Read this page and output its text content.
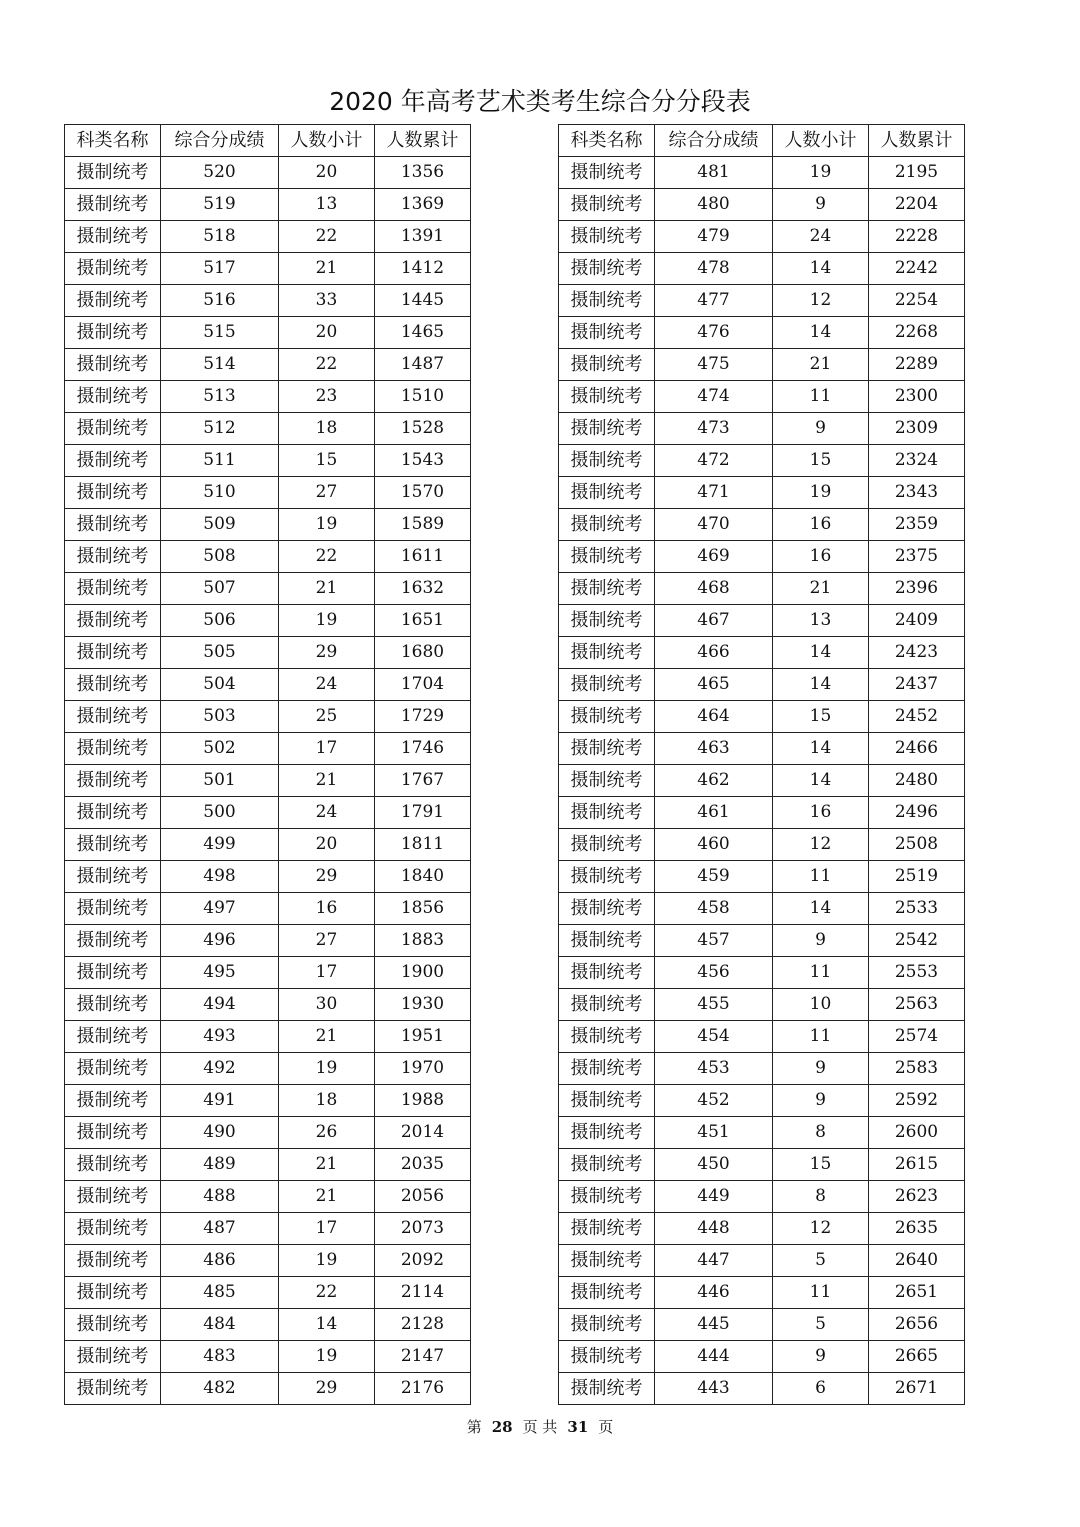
2020 年高考艺术类考生综合分分段表
科类名称	综合分成绩	人数小计	人数累计
摄制统考	520	20	1356
摄制统考	519	13	1369
摄制统考	518	22	1391
摄制统考	517	21	1412
摄制统考	516	33	1445
摄制统考	515	20	1465
摄制统考	514	22	1487
摄制统考	513	23	1510
摄制统考	512	18	1528
摄制统考	511	15	1543
摄制统考	510	27	1570
摄制统考	509	19	1589
摄制统考	508	22	1611
摄制统考	507	21	1632
摄制统考	506	19	1651
摄制统考	505	29	1680
摄制统考	504	24	1704
摄制统考	503	25	1729
摄制统考	502	17	1746
摄制统考	501	21	1767
摄制统考	500	24	1791
摄制统考	499	20	1811
摄制统考	498	29	1840
摄制统考	497	16	1856
摄制统考	496	27	1883
摄制统考	495	17	1900
摄制统考	494	30	1930
摄制统考	493	21	1951
摄制统考	492	19	1970
摄制统考	491	18	1988
摄制统考	490	26	2014
摄制统考	489	21	2035
摄制统考	488	21	2056
摄制统考	487	17	2073
摄制统考	486	19	2092
摄制统考	485	22	2114
摄制统考	484	14	2128
摄制统考	483	19	2147
摄制统考	482	29	2176
科类名称	综合分成绩	人数小计	人数累计
摄制统考	481	19	2195
摄制统考	480	9	2204
摄制统考	479	24	2228
摄制统考	478	14	2242
摄制统考	477	12	2254
摄制统考	476	14	2268
摄制统考	475	21	2289
摄制统考	474	11	2300
摄制统考	473	9	2309
摄制统考	472	15	2324
摄制统考	471	19	2343
摄制统考	470	16	2359
摄制统考	469	16	2375
摄制统考	468	21	2396
摄制统考	467	13	2409
摄制统考	466	14	2423
摄制统考	465	14	2437
摄制统考	464	15	2452
摄制统考	463	14	2466
摄制统考	462	14	2480
摄制统考	461	16	2496
摄制统考	460	12	2508
摄制统考	459	11	2519
摄制统考	458	14	2533
摄制统考	457	9	2542
摄制统考	456	11	2553
摄制统考	455	10	2563
摄制统考	454	11	2574
摄制统考	453	9	2583
摄制统考	452	9	2592
摄制统考	451	8	2600
摄制统考	450	15	2615
摄制统考	449	8	2623
摄制统考	448	12	2635
摄制统考	447	5	2640
摄制统考	446	11	2651
摄制统考	445	5	2656
摄制统考	444	9	2665
摄制统考	443	6	2671
第 28 页 共 31 页
